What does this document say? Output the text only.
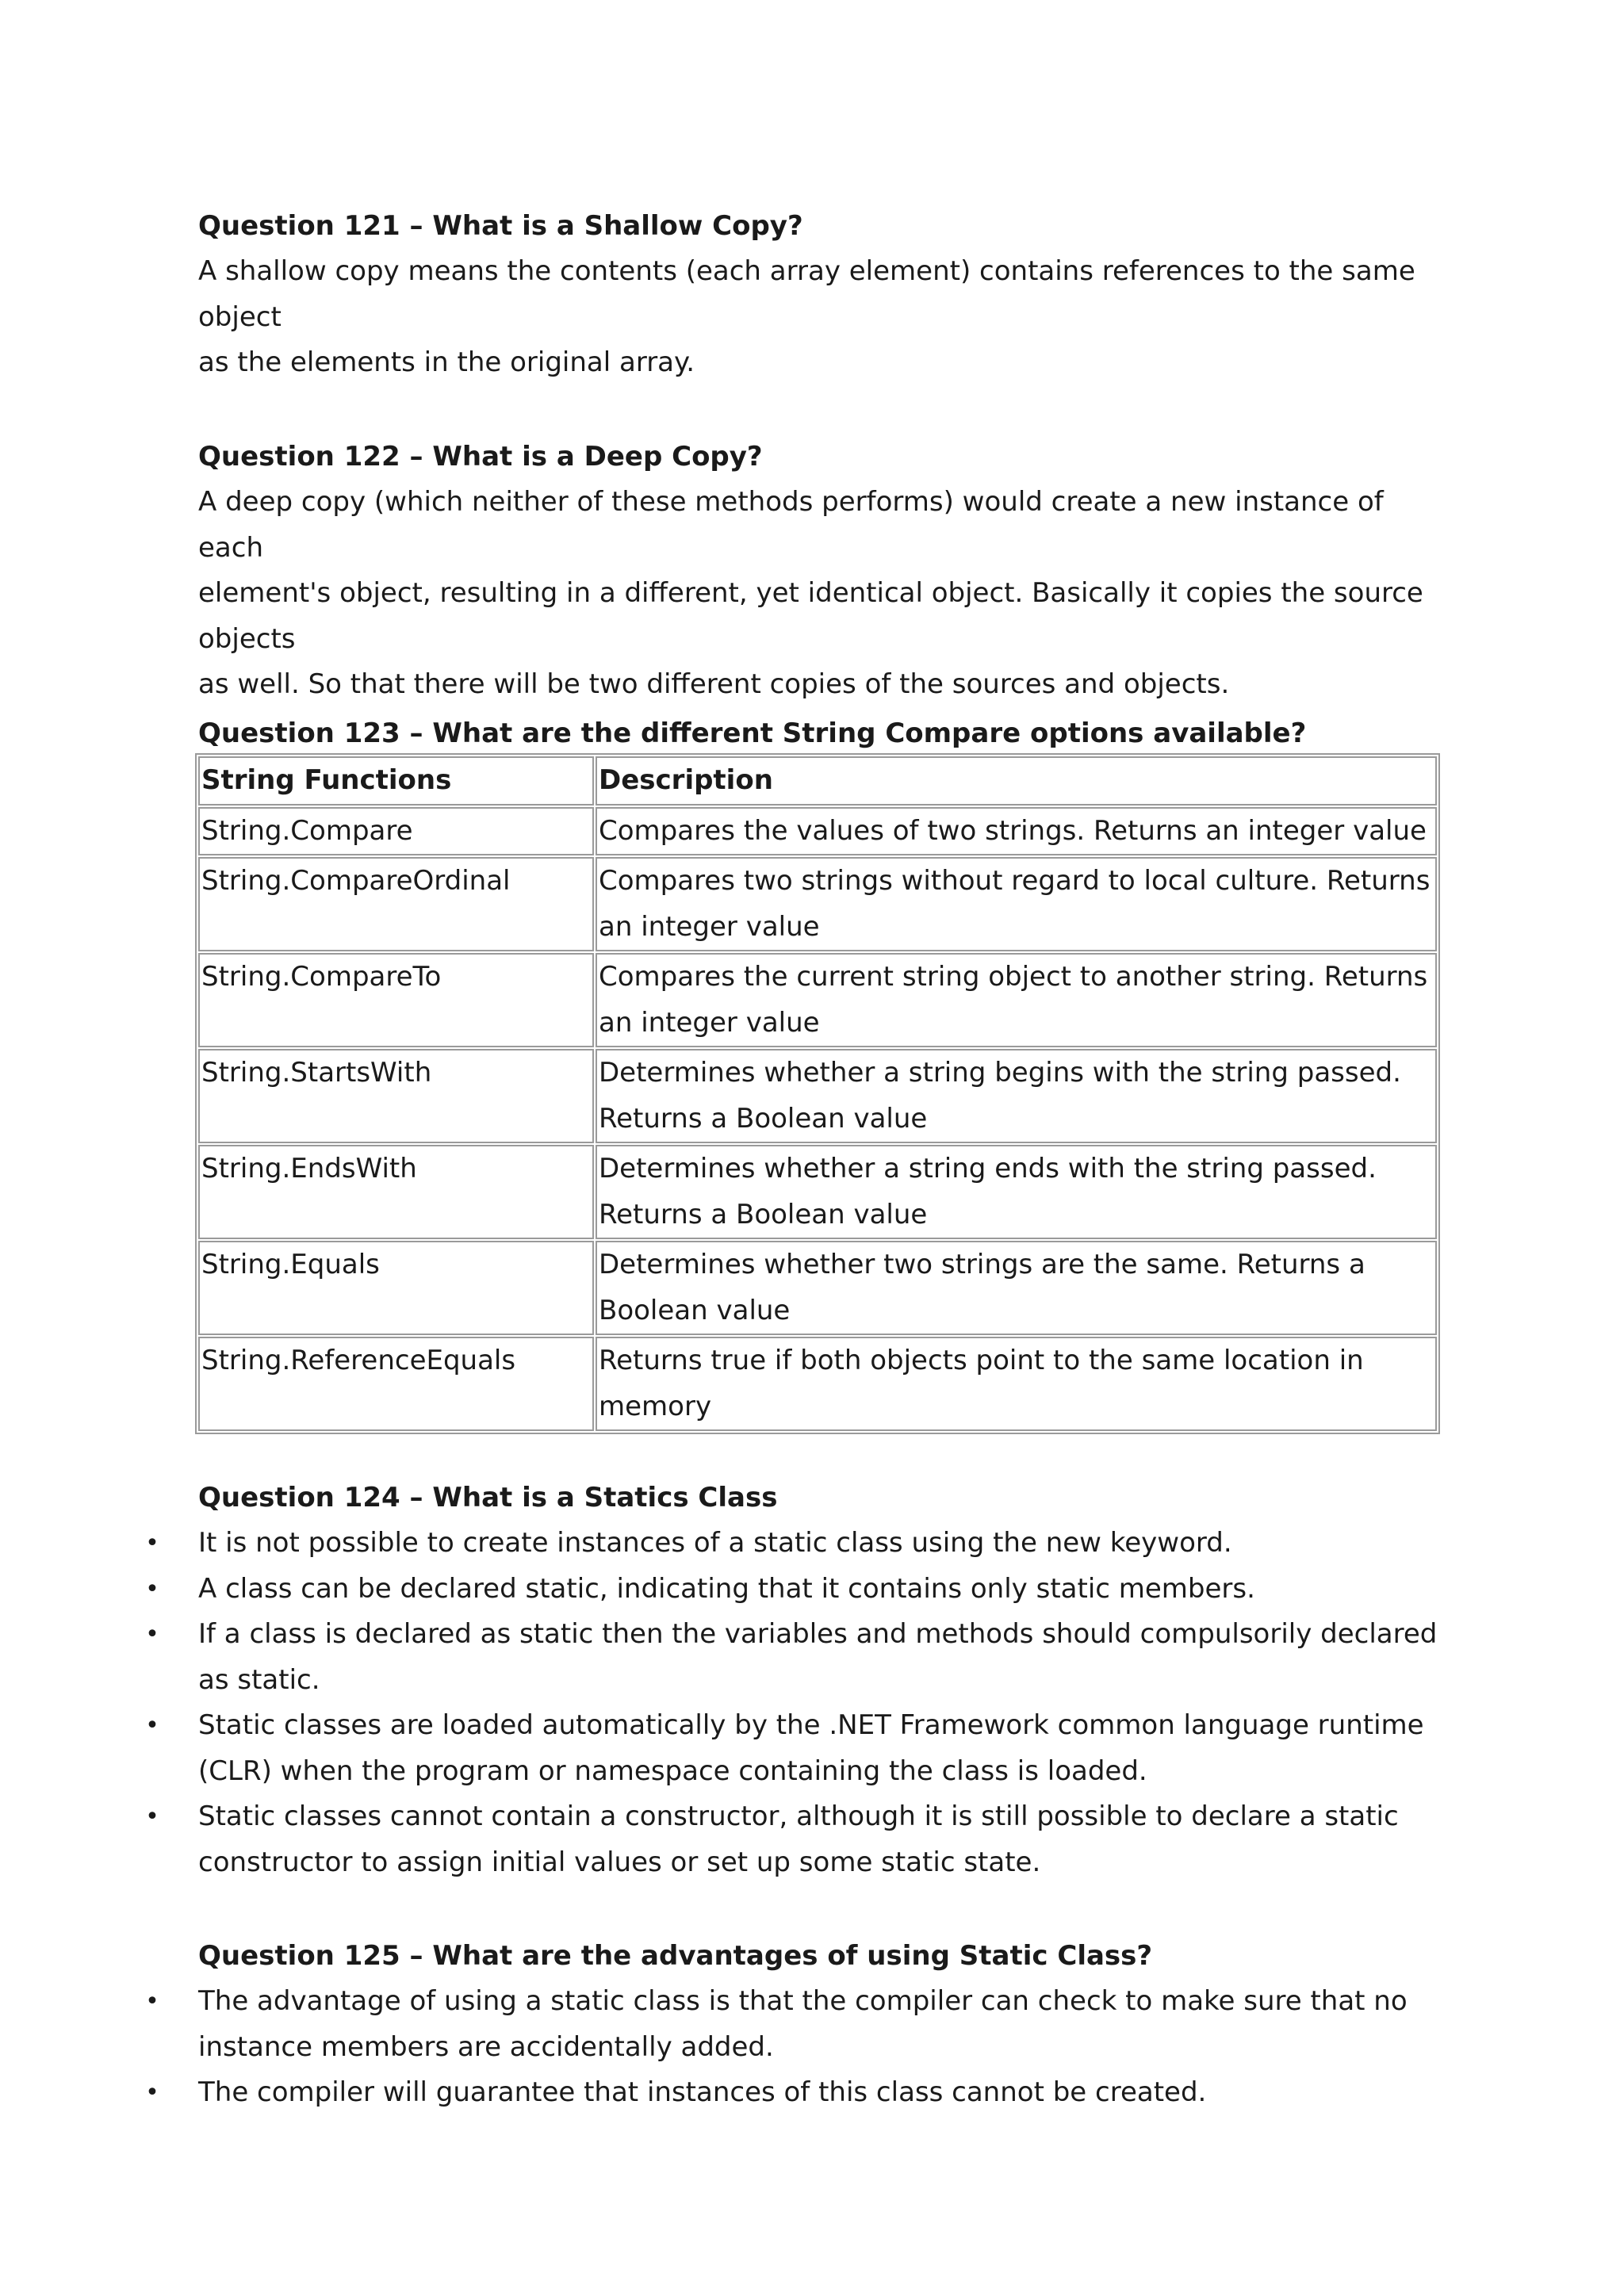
Question 121 – What is a Shallow Copy?

A shallow copy means the contents (each array element) contains references to the same object

as the elements in the original array.

Question 122 – What is a Deep Copy?

A deep copy (which neither of these methods performs) would create a new instance of each

element's object, resulting in a different, yet identical object. Basically it copies the source objects

as well. So that there will be two different copies of the sources and objects.

Question 123 – What are the different String Compare options available?
String Functions	Description
String.Compare	Compares the values of two strings. Returns an integer value
String.CompareOrdinal	Compares two strings without regard to local culture. Returns an integer value
String.CompareTo	Compares the current string object to another string. Returns an integer value
String.StartsWith	Determines whether a string begins with the string passed. Returns a Boolean value
String.EndsWith	Determines whether a string ends with the string passed. Returns a Boolean value
String.Equals	Determines whether two strings are the same. Returns a Boolean value
String.ReferenceEquals	Returns true if both objects point to the same location in memory
Question 124 – What is a Statics Class
• It is not possible to create instances of a static class using the new keyword.
• A class can be declared static, indicating that it contains only static members.
• If a class is declared as static then the variables and methods should compulsorily declared as static.
• Static classes are loaded automatically by the .NET Framework common language runtime (CLR) when the program or namespace containing the class is loaded.
• Static classes cannot contain a constructor, although it is still possible to declare a static constructor to assign initial values or set up some static state.
Question 125 – What are the advantages of using Static Class?
• The advantage of using a static class is that the compiler can check to make sure that no instance members are accidentally added.
• The compiler will guarantee that instances of this class cannot be created.
